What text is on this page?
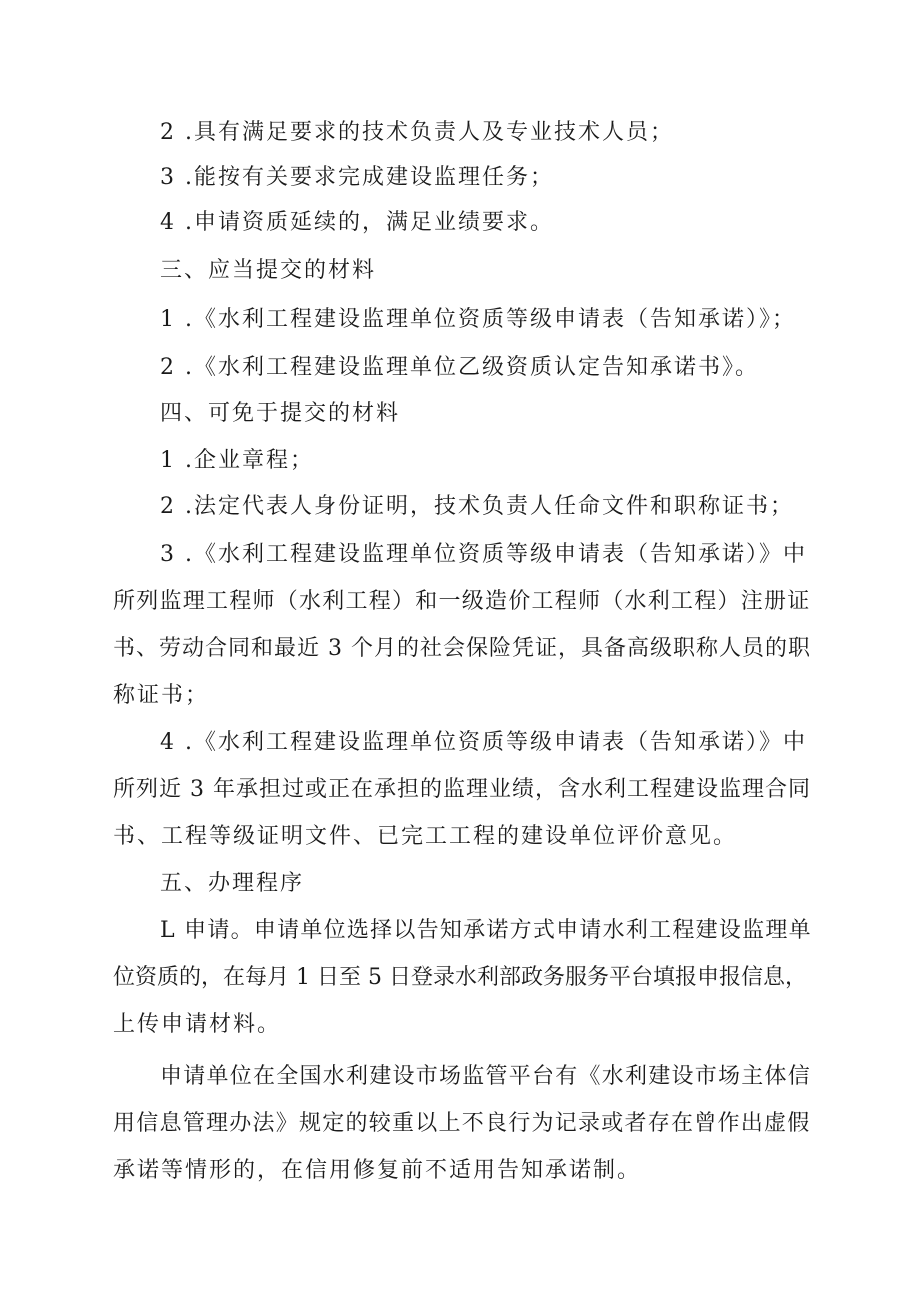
2 .具有满足要求的技术负责人及专业技术人员；
3 .能按有关要求完成建设监理任务；
4 .申请资质延续的，满足业绩要求。
三、应当提交的材料
1 .《水利工程建设监理单位资质等级申请表（告知承诺）》；
2 .《水利工程建设监理单位乙级资质认定告知承诺书》。
四、可免于提交的材料
1 .企业章程；
2 .法定代表人身份证明，技术负责人任命文件和职称证书；
3 .《水利工程建设监理单位资质等级申请表（告知承诺）》中
所列监理工程师（水利工程）和一级造价工程师（水利工程）注册证
书、劳动合同和最近 3 个月的社会保险凭证，具备高级职称人员的职
称证书；
4 .《水利工程建设监理单位资质等级申请表（告知承诺）》中
所列近 3 年承担过或正在承担的监理业绩，含水利工程建设监理合同
书、工程等级证明文件、已完工工程的建设单位评价意见。
五、办理程序
L 申请。申请单位选择以告知承诺方式申请水利工程建设监理单
位资质的，在每月 1 日至 5 日登录水利部政务服务平台填报申报信息，
上传申请材料。
申请单位在全国水利建设市场监管平台有《水利建设市场主体信
用信息管理办法》规定的较重以上不良行为记录或者存在曾作出虚假
承诺等情形的，在信用修复前不适用告知承诺制。
